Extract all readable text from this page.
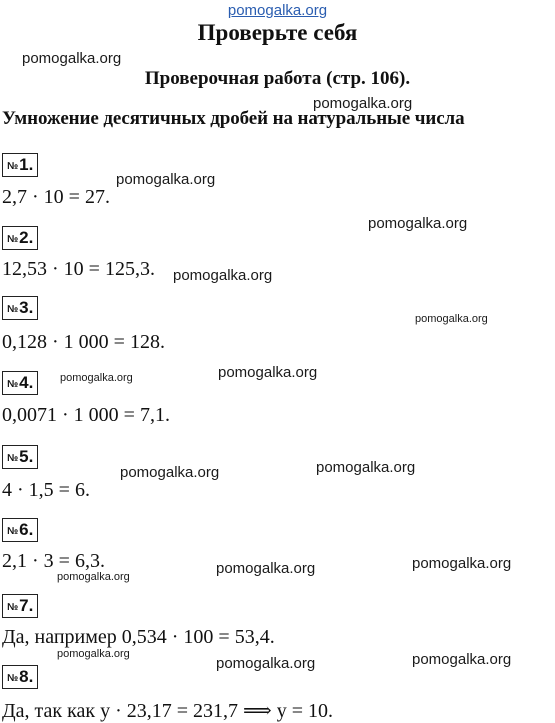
pomogalka.org
Проверьте себя
Проверочная работа (стр. 106).
Умножение десятичных дробей на натуральные числа
pomogalka.org
pomogalka.org
pomogalka.org
pomogalka.org
pomogalka.org
pomogalka.org
pomogalka.org	pomogalka.org
pomogalka.org	pomogalka.org
pomogalka.org	pomogalka.org	pomogalka.org
pomogalka.org
pomogalka.org	pomogalka.org
№1.
2,7 · 10 = 27.
№2.
12,53 · 10 = 125,3.
№3.
0,128 · 1 000 = 128.
№4.
0,0071 · 1 000 = 7,1.
№5.
4 · 1,5 = 6.
№6.
2,1 · 3 = 6,3.
№7.
Да, например 0,534 · 100 = 53,4.
№8.
Да, так как y · 23,17 = 231,7 ⟹ y = 10.
